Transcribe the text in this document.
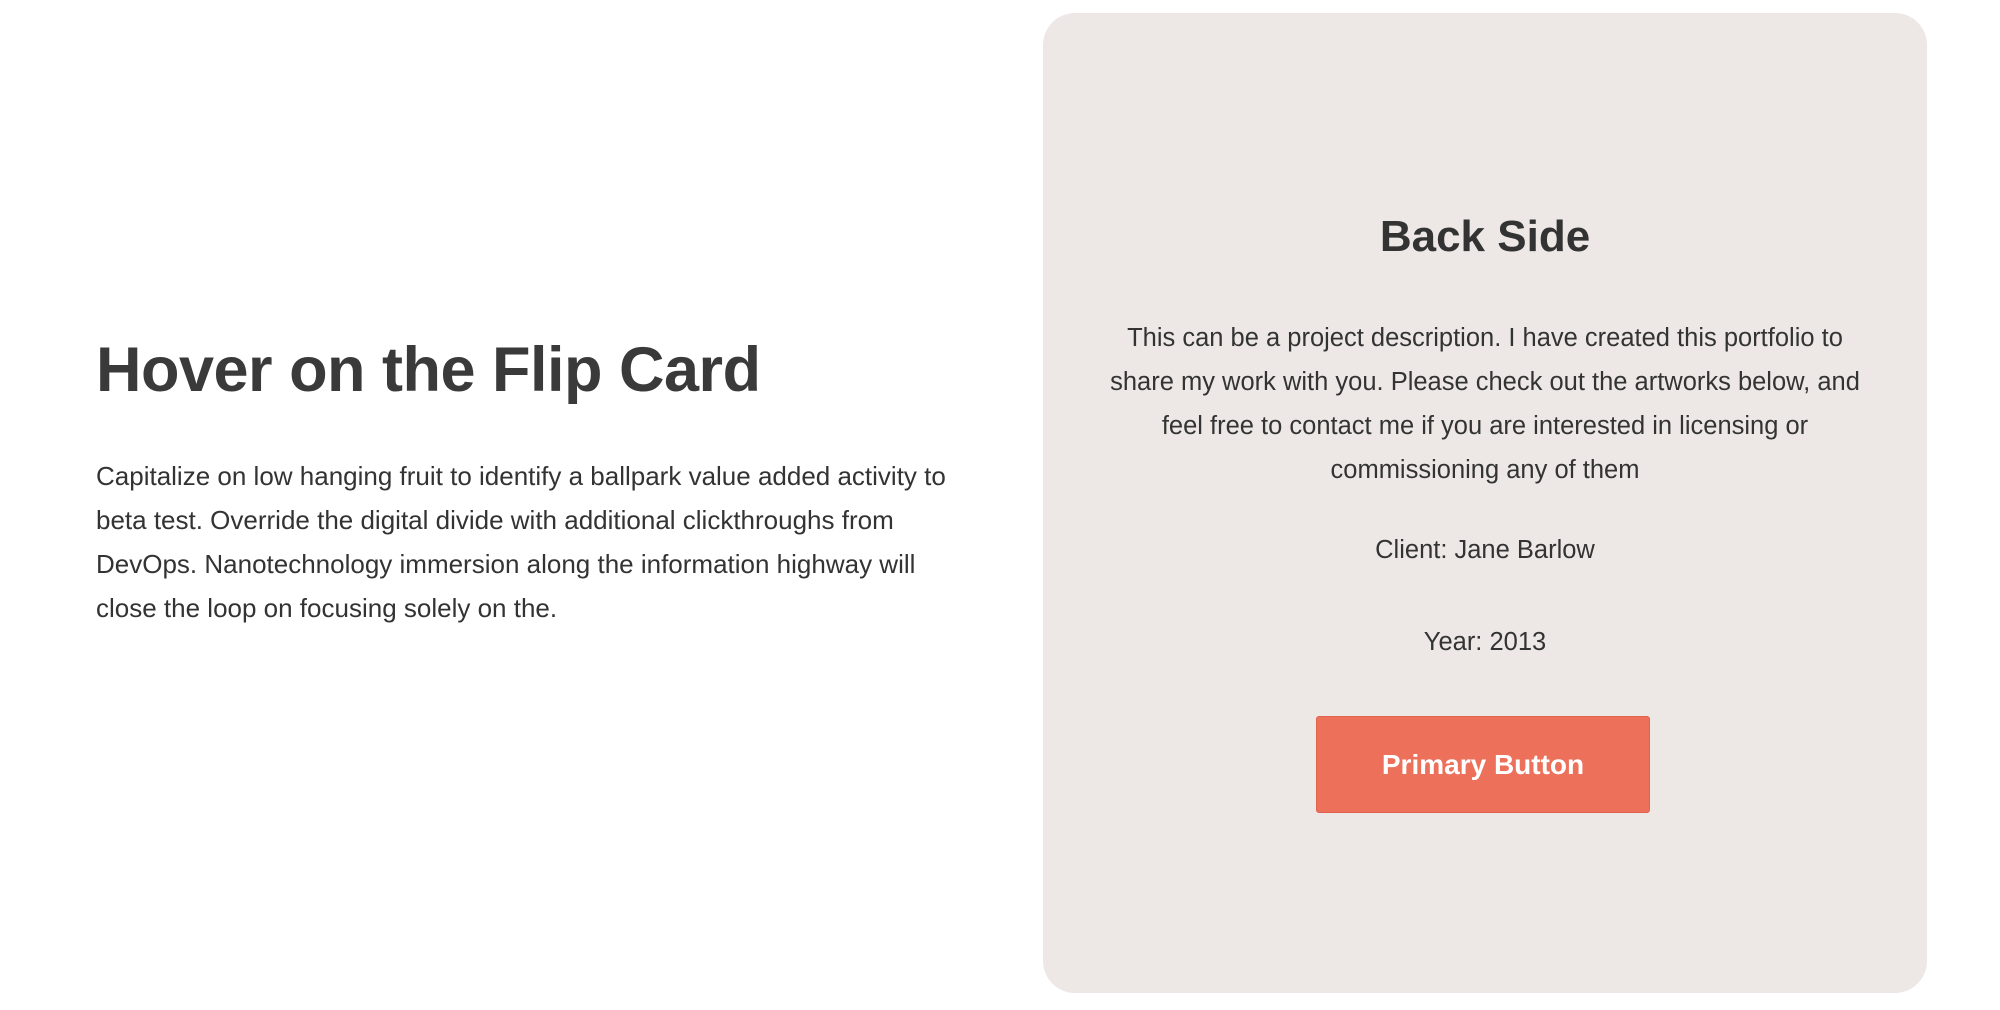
Hover on the Flip Card

Capitalize on low hanging fruit to identify a ballpark value added activity to beta test. Override the digital divide with additional clickthroughs from DevOps. Nanotechnology immersion along the information highway will close the loop on focusing solely on the.

Back Side

This can be a project description. I have created this portfolio to share my work with you. Please check out the artworks below, and feel free to contact me if you are interested in licensing or commissioning any of them

Client: Jane Barlow

Year: 2013

Primary Button
